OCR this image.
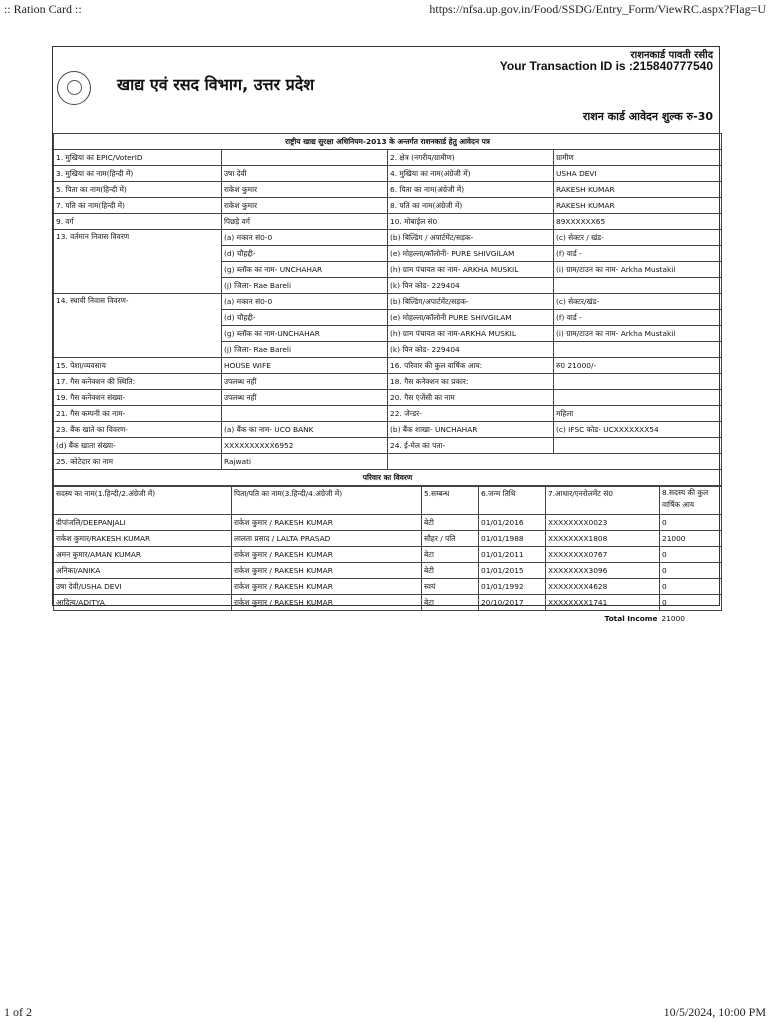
:: Ration Card ::	https://nfsa.up.gov.in/Food/SSDG/Entry_Form/ViewRC.aspx?Flag=U
खाद्य एवं रसद विभाग, उत्तर प्रदेश
राशनकार्ड पावती रसीद
Your Transaction ID is :215840777540
राशन कार्ड आवेदन शुल्क रु-30
राष्ट्रीय खाद्य सुरक्षा अधिनियम-2013 के अन्तर्गत राशनकार्ड हेतु आवेदन पत्र			
1. मुखिया का EPIC/VoterID		2. क्षेत्र (नगरीय/ग्रामीण)	ग्रामीण
3. मुखिया का नाम(हिन्दी में)	उषा देवी	4. मुखिया का नाम(अंग्रेजी में)	USHA DEVI
5. पिता का नाम(हिन्दी में)	राकेश कुमार	6. पिता का नाम(अंग्रेजी में)	RAKESH KUMAR
7. पति का नाम(हिन्दी में)	राकेश कुमार	8. पति का नाम(अंग्रेजी में)	RAKESH KUMAR
9. वर्ग	पिछड़े वर्ग	10. मोबाईल सं0	89XXXXXX65
13. वर्तमान निवास विवरण	(a) मकान सं0-0	(b) बिल्डिंग / अपार्टमेंट/सड़क-	(c) सेक्टर / खंड-
	(d) चौहद्दी-	(e) मोहल्ला/कॉलोनी- PURE SHIVGILAM	(f) वार्ड -
	(g) ब्लॉक का नाम- UNCHAHAR	(h) ग्राम पंचायत का नाम- ARKHA MUSKIL	(i) ग्राम/टाउन का नाम- Arkha Mustakil
	(j) जिला- Rae Bareli	(k) पिन कोड- 229404	
14. स्थायी निवास विवरण-	(a) मकान सं0-0	(b) बिल्डिंग/अपार्टमेंट/सड़क-	(c) सेक्टर/खंड-
	(d) चौहद्दी-	(e) मोहल्ला/कॉलोनी PURE SHIVGILAM	(f) वार्ड -
	(g) ब्लॉक का नाम-UNCHAHAR	(h) ग्राम पंचायत का नाम-ARKHA MUSKIL	(i) ग्राम/टाउन का नाम- Arkha Mustakil
	(j) जिला- Rae Bareli	(k) पिन कोड- 229404	
15. पेशा/व्यवसाय	HOUSE WIFE	16. परिवार की कुल वार्षिक आय:	रु0 21000/-
17. गैस कनेक्शन की स्थिति:	उपलब्ध नहीं	18. गैस कनेक्शन का प्रकार:	
19. गैस कनेक्शन संख्या-	उपलब्ध नहीं	20. गैस एजेंसी का नाम	
21. गैस कम्पनी का नाम-		22. जेन्डर-	महिला
23. बैंक खाते का विवरण-	(a) बैंक का नाम- UCO BANK	(b) बैंक शाखा- UNCHAHAR	(c) IFSC कोड- UCXXXXXXX54
(d) बैंक खाता संख्या-	XXXXXXXXXX6952	24. ई-मेल का पता-	
25. कोटेदार का नाम	Rajwati		
परिवार का विवरण			
सदस्य का नाम(1.हिन्दी/2.अंग्रेजी में)	पिता/पति का नाम(3.हिन्दी/4.अंग्रेजी में)	5.सम्बन्ध	6.जन्म तिथि	7.आधार/एनरोलमेंट सं0	8.सदस्य की कुल वार्षिक आय
दीपांजलि/DEEPANJALI	राकेश कुमार / RAKESH KUMAR	बेटी	01/01/2016	XXXXXXXX0023	0
राकेश कुमार/RAKESH KUMAR	लालता प्रसाद / LALTA PRASAD	सौहर / पति	01/01/1988	XXXXXXXX1808	21000
अमन कुमार/AMAN KUMAR	राकेश कुमार / RAKESH KUMAR	बेटा	01/01/2011	XXXXXXXX0767	0
अनिका/ANIKA	राकेश कुमार / RAKESH KUMAR	बेटी	01/01/2015	XXXXXXXX3096	0
उषा देवी/USHA DEVI	राकेश कुमार / RAKESH KUMAR	स्वयं	01/01/1992	XXXXXXXX4628	0
आदित्य/ADITYA	राकेश कुमार / RAKESH KUMAR	बेटा	20/10/2017	XXXXXXXX1741	0
Total Income					21000
1 of 2	10/5/2024, 10:00 PM
